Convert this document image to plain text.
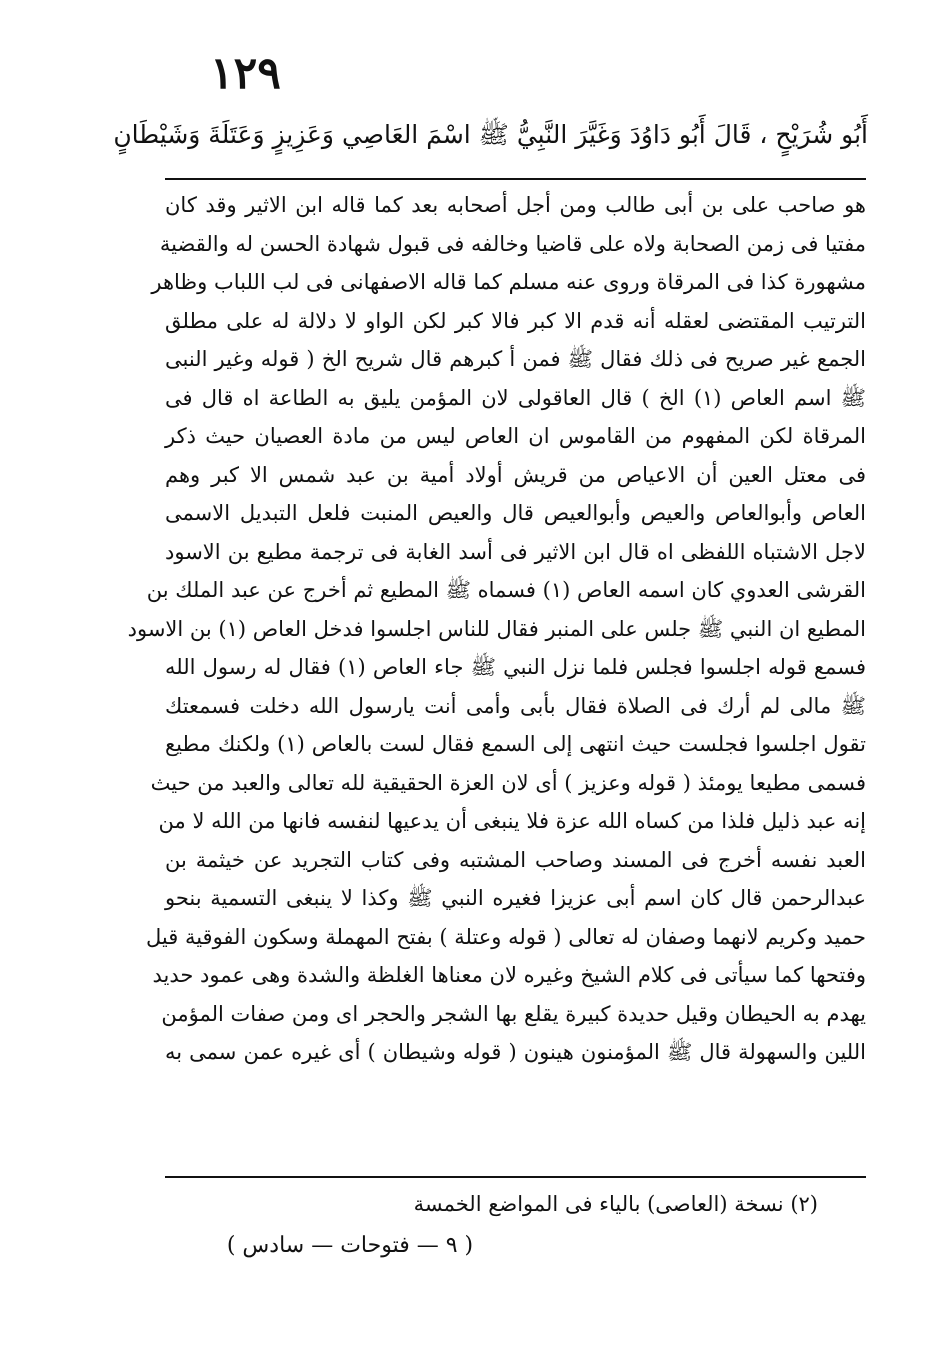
١٢٩
أَبُو شُرَيْحٍ ، قَالَ أَبُو دَاوُدَ وَغَيَّرَ النَّبِيُّ ﷺ اسْمَ العَاصِي وَعَزِيزٍ وَعَتَلَةَ وَشَيْطَانٍ
هو صاحب على بن أبى طالب ومن أجل أصحابه بعد كما قاله ابن الاثير وقد كان
مفتيا فى زمن الصحابة ولاه على قاضيا وخالفه فى قبول شهادة الحسن له والقضية
مشهورة كذا فى المرقاة وروى عنه مسلم كما قاله الاصفهانى فى لب اللباب وظاهر
الترتيب المقتضى لعقله أنه قدم الا كبر فالا كبر لكن الواو لا دلالة له على مطلق
الجمع غير صريح فى ذلك فقال ﷺ فمن أ كبرهم قال شريح الخ ( قوله وغير النبى
ﷺ اسم العاص (١) الخ ) قال العاقولى لان المؤمن يليق به الطاعة اه قال فى
المرقاة لكن المفهوم من القاموس ان العاص ليس من مادة العصيان حيث ذكر
فى معتل العين أن الاعياص من قريش أولاد أمية بن عبد شمس الا كبر وهم
العاص وأبوالعاص والعيص وأبوالعيص قال والعيص المنبت فلعل التبديل الاسمى
لاجل الاشتباه اللفظى اه قال ابن الاثير فى أسد الغابة فى ترجمة مطيع بن الاسود
القرشى العدوي كان اسمه العاص (١) فسماه ﷺ المطيع ثم أخرج عن عبد الملك بن
المطيع ان النبي ﷺ جلس على المنبر فقال للناس اجلسوا فدخل العاص (١) بن الاسود
فسمع قوله اجلسوا فجلس فلما نزل النبي ﷺ جاء العاص (١) فقال له رسول الله
ﷺ مالى لم أرك فى الصلاة فقال بأبى وأمى أنت يارسول الله دخلت فسمعتك
تقول اجلسوا فجلست حيث انتهى إلى السمع فقال لست بالعاص (١) ولكنك مطيع
فسمى مطيعا يومئذ ( قوله وعزيز ) أى لان العزة الحقيقية لله تعالى والعبد من حيث
إنه عبد ذليل فلذا من كساه الله عزة فلا ينبغى أن يدعيها لنفسه فانها من الله لا من
العبد نفسه أخرج فى المسند وصاحب المشتبه وفى كتاب التجريد عن خيثمة بن
عبدالرحمن قال كان اسم أبى عزيزا فغيره النبي ﷺ وكذا لا ينبغى التسمية بنحو
حميد وكريم لانهما وصفان له تعالى ( قوله وعتلة ) بفتح المهملة وسكون الفوقية قيل
وفتحها كما سيأتى فى كلام الشيخ وغيره لان معناها الغلظة والشدة وهى عمود حديد
يهدم به الحيطان وقيل حديدة كبيرة يقلع بها الشجر والحجر اى ومن صفات المؤمن
اللين والسهولة قال ﷺ المؤمنون هينون ( قوله وشيطان ) أى غيره عمن سمى به
(٢) نسخة (العاصى) بالياء فى المواضع الخمسة
( ٩ — فتوحات — سادس )
